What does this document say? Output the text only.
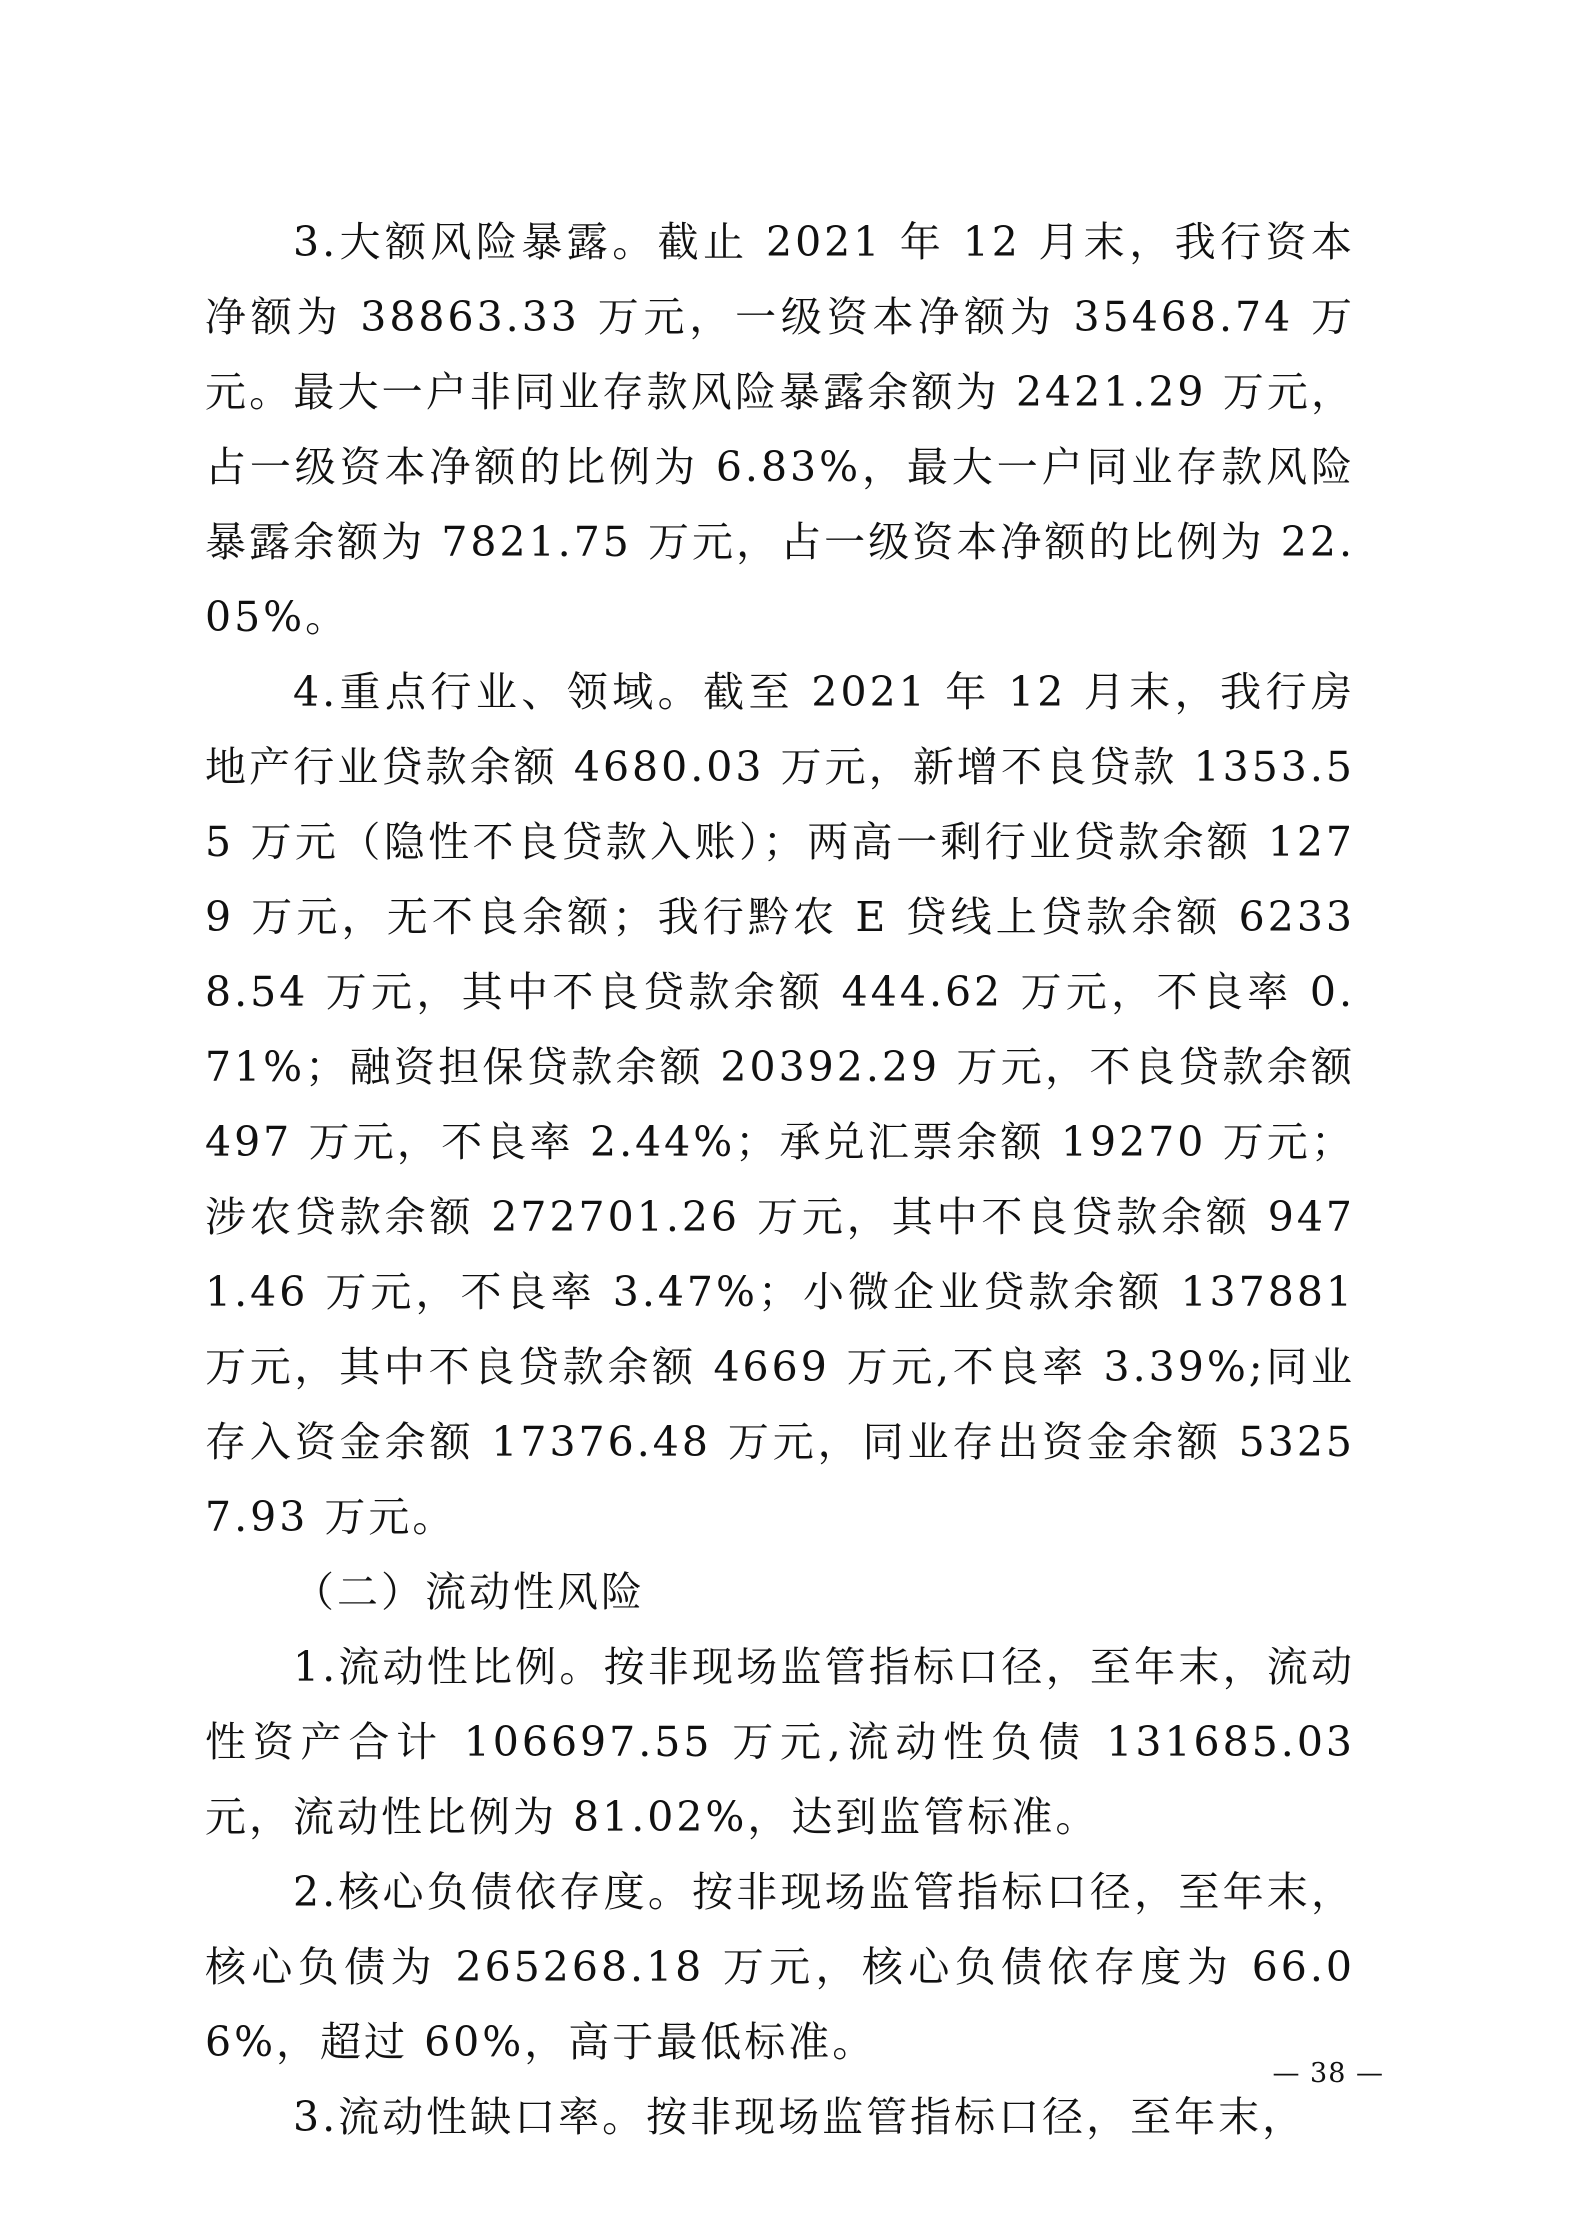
3.大额风险暴露。截止 2021 年 12 月末，我行资本净额为 38863.33 万元，一级资本净额为 35468.74 万元。最大一户非同业存款风险暴露余额为 2421.29 万元，占一级资本净额的比例为 6.83%，最大一户同业存款风险暴露余额为 7821.75 万元，占一级资本净额的比例为 22.05%。

4.重点行业、领域。截至 2021 年 12 月末，我行房地产行业贷款余额 4680.03 万元，新增不良贷款 1353.55 万元（隐性不良贷款入账）；两高一剩行业贷款余额 1279 万元，无不良余额；我行黔农 E 贷线上贷款余额 62338.54 万元，其中不良贷款余额 444.62 万元，不良率 0.71%；融资担保贷款余额 20392.29 万元，不良贷款余额 497 万元，不良率 2.44%；承兑汇票余额 19270 万元；涉农贷款余额 272701.26 万元，其中不良贷款余额 9471.46 万元，不良率 3.47%；小微企业贷款余额 137881 万元，其中不良贷款余额 4669 万元,不良率 3.39%;同业存入资金余额 17376.48 万元，同业存出资金余额 53257.93 万元。

（二）流动性风险

1.流动性比例。按非现场监管指标口径，至年末，流动性资产合计 106697.55 万元,流动性负债 131685.03 元，流动性比例为 81.02%，达到监管标准。

2.核心负债依存度。按非现场监管指标口径，至年末，核心负债为 265268.18 万元，核心负债依存度为 66.06%，超过 60%，高于最低标准。

3.流动性缺口率。按非现场监管指标口径，至年末，

— 38 —
